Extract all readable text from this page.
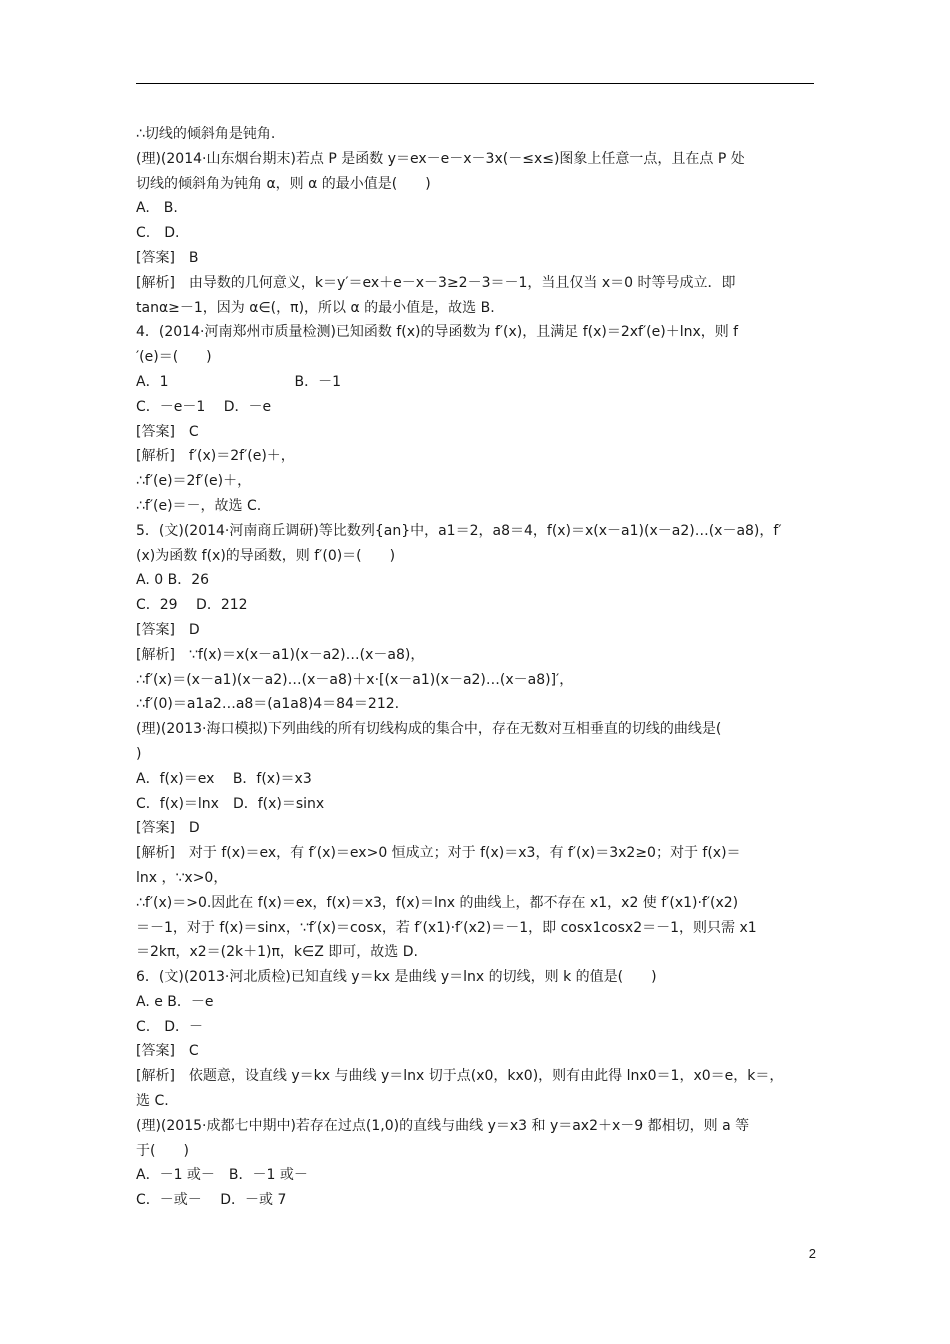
∴切线的倾斜角是钝角.
(理)(2014·山东烟台期末)若点 P 是函数 y＝ex－e－x－3x(－≤x≤)图象上任意一点，且在点 P 处
切线的倾斜角为钝角 α，则 α 的最小值是(　　)
A.　B.
C.　D.
[答案]　B
[解析]　由导数的几何意义，k＝y′＝ex＋e－x－3≥2－3＝－1，当且仅当 x＝0 时等号成立．即
tanα≥－1，因为 α∈(，π)，所以 α 的最小值是，故选 B.
4．(2014·河南郑州市质量检测)已知函数 f(x)的导函数为 f′(x)，且满足 f(x)＝2xf′(e)＋lnx，则 f
′(e)＝(　　)
A．1　　　　　　　　　B．－1
C．－e－1　 D．－e
[答案]　C
[解析]　f′(x)＝2f′(e)＋，
∴f′(e)＝2f′(e)＋，
∴f′(e)＝－，故选 C.
5．(文)(2014·河南商丘调研)等比数列{an}中，a1＝2，a8＝4，f(x)＝x(x－a1)(x－a2)…(x－a8)，f′
(x)为函数 f(x)的导函数，则 f′(0)＝(　　)
A. 0 B．26
C．29　 D．212
[答案]　D
[解析]　∵f(x)＝x(x－a1)(x－a2)…(x－a8)，
∴f′(x)＝(x－a1)(x－a2)…(x－a8)＋x·[(x－a1)(x－a2)…(x－a8)]′，
∴f′(0)＝a1a2…a8＝(a1a8)4＝84＝212.
(理)(2013·海口模拟)下列曲线的所有切线构成的集合中，存在无数对互相垂直的切线的曲线是(
)
A．f(x)＝ex　 B．f(x)＝x3
C．f(x)＝lnx　D．f(x)＝sinx
[答案]　D
[解析]　对于 f(x)＝ex，有 f′(x)＝ex>0 恒成立；对于 f(x)＝x3，有 f′(x)＝3x2≥0；对于 f(x)＝
lnx ，∵x>0，
∴f′(x)＝>0.因此在 f(x)＝ex，f(x)＝x3，f(x)＝lnx 的曲线上，都不存在 x1，x2 使 f′(x1)·f′(x2)
＝－1，对于 f(x)＝sinx，∵f′(x)＝cosx，若 f′(x1)·f′(x2)＝－1，即 cosx1cosx2＝－1，则只需 x1
＝2kπ，x2＝(2k＋1)π，k∈Z 即可，故选 D.
6．(文)(2013·河北质检)已知直线 y＝kx 是曲线 y＝lnx 的切线，则 k 的值是(　　)
A. e B．－e
C.　D．－
[答案]　C
[解析]　依题意，设直线 y＝kx 与曲线 y＝lnx 切于点(x0，kx0)，则有由此得 lnx0＝1，x0＝e，k＝，
选 C.
(理)(2015·成都七中期中)若存在过点(1,0)的直线与曲线 y＝x3 和 y＝ax2＋x－9 都相切，则 a 等
于(　　)
A．－1 或－　B．－1 或－
C．－或－　 D．－或 7
2
